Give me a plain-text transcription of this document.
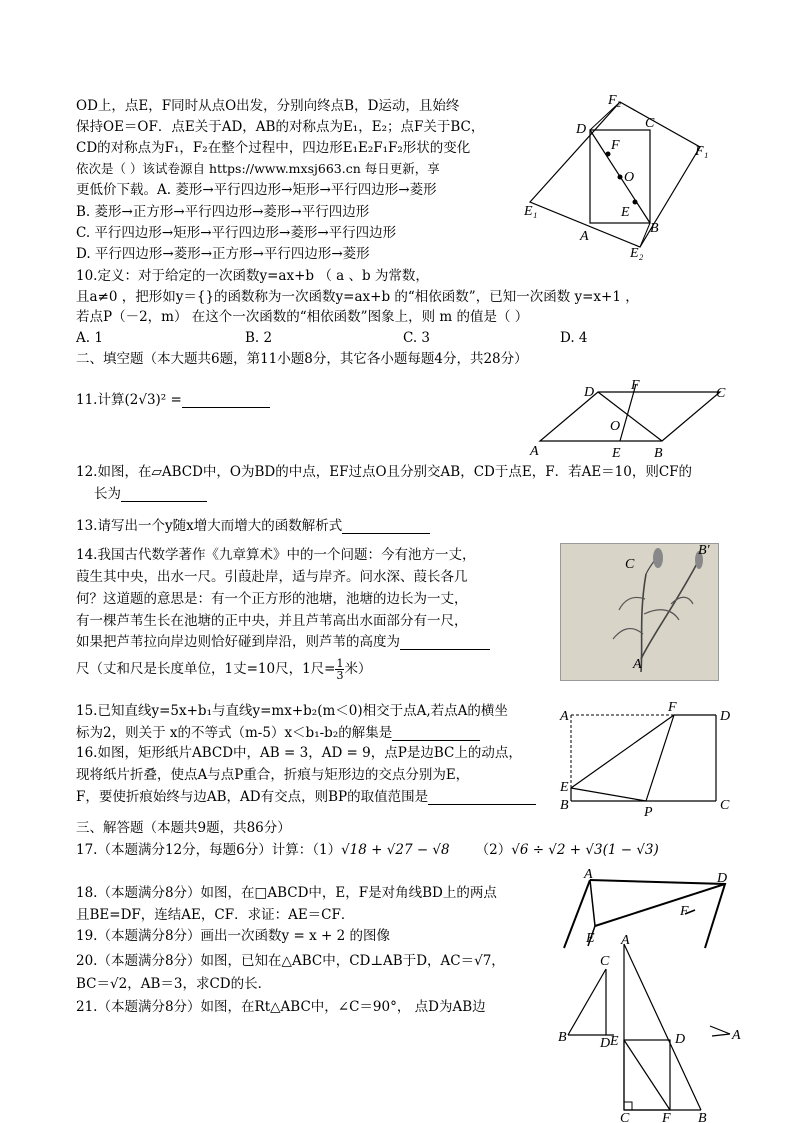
OD上，点E，F同时从点O出发，分别向终点B，D运动，且始终
保持OE＝OF．点E关于AD，AB的对称点为E₁，E₂；点F关于BC，
CD的对称点为F₁，F₂在整个过程中，四边形E₁E₂F₁F₂形状的变化
依次是（ ）该试卷源自 https://www.mxsj663.cn 每日更新，享
更低价下载。A. 菱形→平行四边形→矩形→平行四边形→菱形
B. 菱形→正方形→平行四边形→菱形→平行四边形
C. 平行四边形→矩形→平行四边形→菱形→平行四边形
D. 平行四边形→菱形→正方形→平行四边形→菱形
F₂
D	C
F
O
F₁
E₁	E
A
B
E₂
10.定义：对于给定的一次函数y=ax+b （ a 、b 为常数，
且a≠0 ，把形如y＝{}的函数称为一次函数y=ax+b 的“相依函数”，已知一次函数 y=x+1 ，
若点P（－2，m） 在这个一次函数的“相依函数”图象上，则 m 的值是（ ）
A. 1	B. 2	C. 3	D. 4
二、填空题（本大题共6题，第11小题8分，其它各小题每题4分，共28分）
11.计算(2√3)² =	D	F
C
O
A	E B
12.如图，在▱ABCD中，O为BD的中点，EF过点O且分别交AB，CD于点E，F．若AE＝10，则CF的
长为
13.请写出一个y随x增大而增大的函数解析式
14.我国古代数学著作《九章算术》中的一个问题：今有池方一丈，
葭生其中央，出水一尺。引葭赴岸，适与岸齐。问水深、葭长各几
何？这道题的意思是：有一个正方形的池塘，池塘的边长为一丈，
有一棵芦苇生长在池塘的正中央，并且芦苇高出水面部分有一尺，
如果把芦苇拉向岸边则恰好碰到岸沿，则芦苇的高度为
尺（丈和尺是长度单位，1丈=10尺，1尺= $\frac{1}{3}$ 米）
C
B'
A
15.已知直线y=5x+b₁与直线y=mx+b₂(m＜0)相交于点A,若点A的横坐
标为2，则关于 x的不等式（m-5）x＜b₁-b₂的解集是
16.如图，矩形纸片ABCD中，AB = 3，AD = 9，点P是边BC上的动点，
现将纸片折叠，使点A与点P重合，折痕与矩形边的交点分别为E，
F，要使折痕始终与边AB，AD有交点，则BP的取值范围是
A
F
D
E
B	P	C
三、解答题（本题共9题，共86分）
17.（本题满分12分，每题6分）计算：（1）√18 + √27 − √8 （2）√6 ÷ √2 + √3(1 − √3)
18.（本题满分8分）如图，在□ABCD中，E，F是对角线BD上的两点
且BE=DF，连结AE，CF．求证：AE＝CF．
A	D
F
E
19.（本题满分8分）画出一次函数y = x + 2 的图像
20.（本题满分8分）如图，已知在△ABC中，CD⊥AB于D，AC＝√7，
BC＝√2，AB＝3，求CD的长．
21.（本题满分8分）如图，在Rt△ABC中，∠C＝90°， 点D为AB边
C
B D
A
A
E	D
C F B
